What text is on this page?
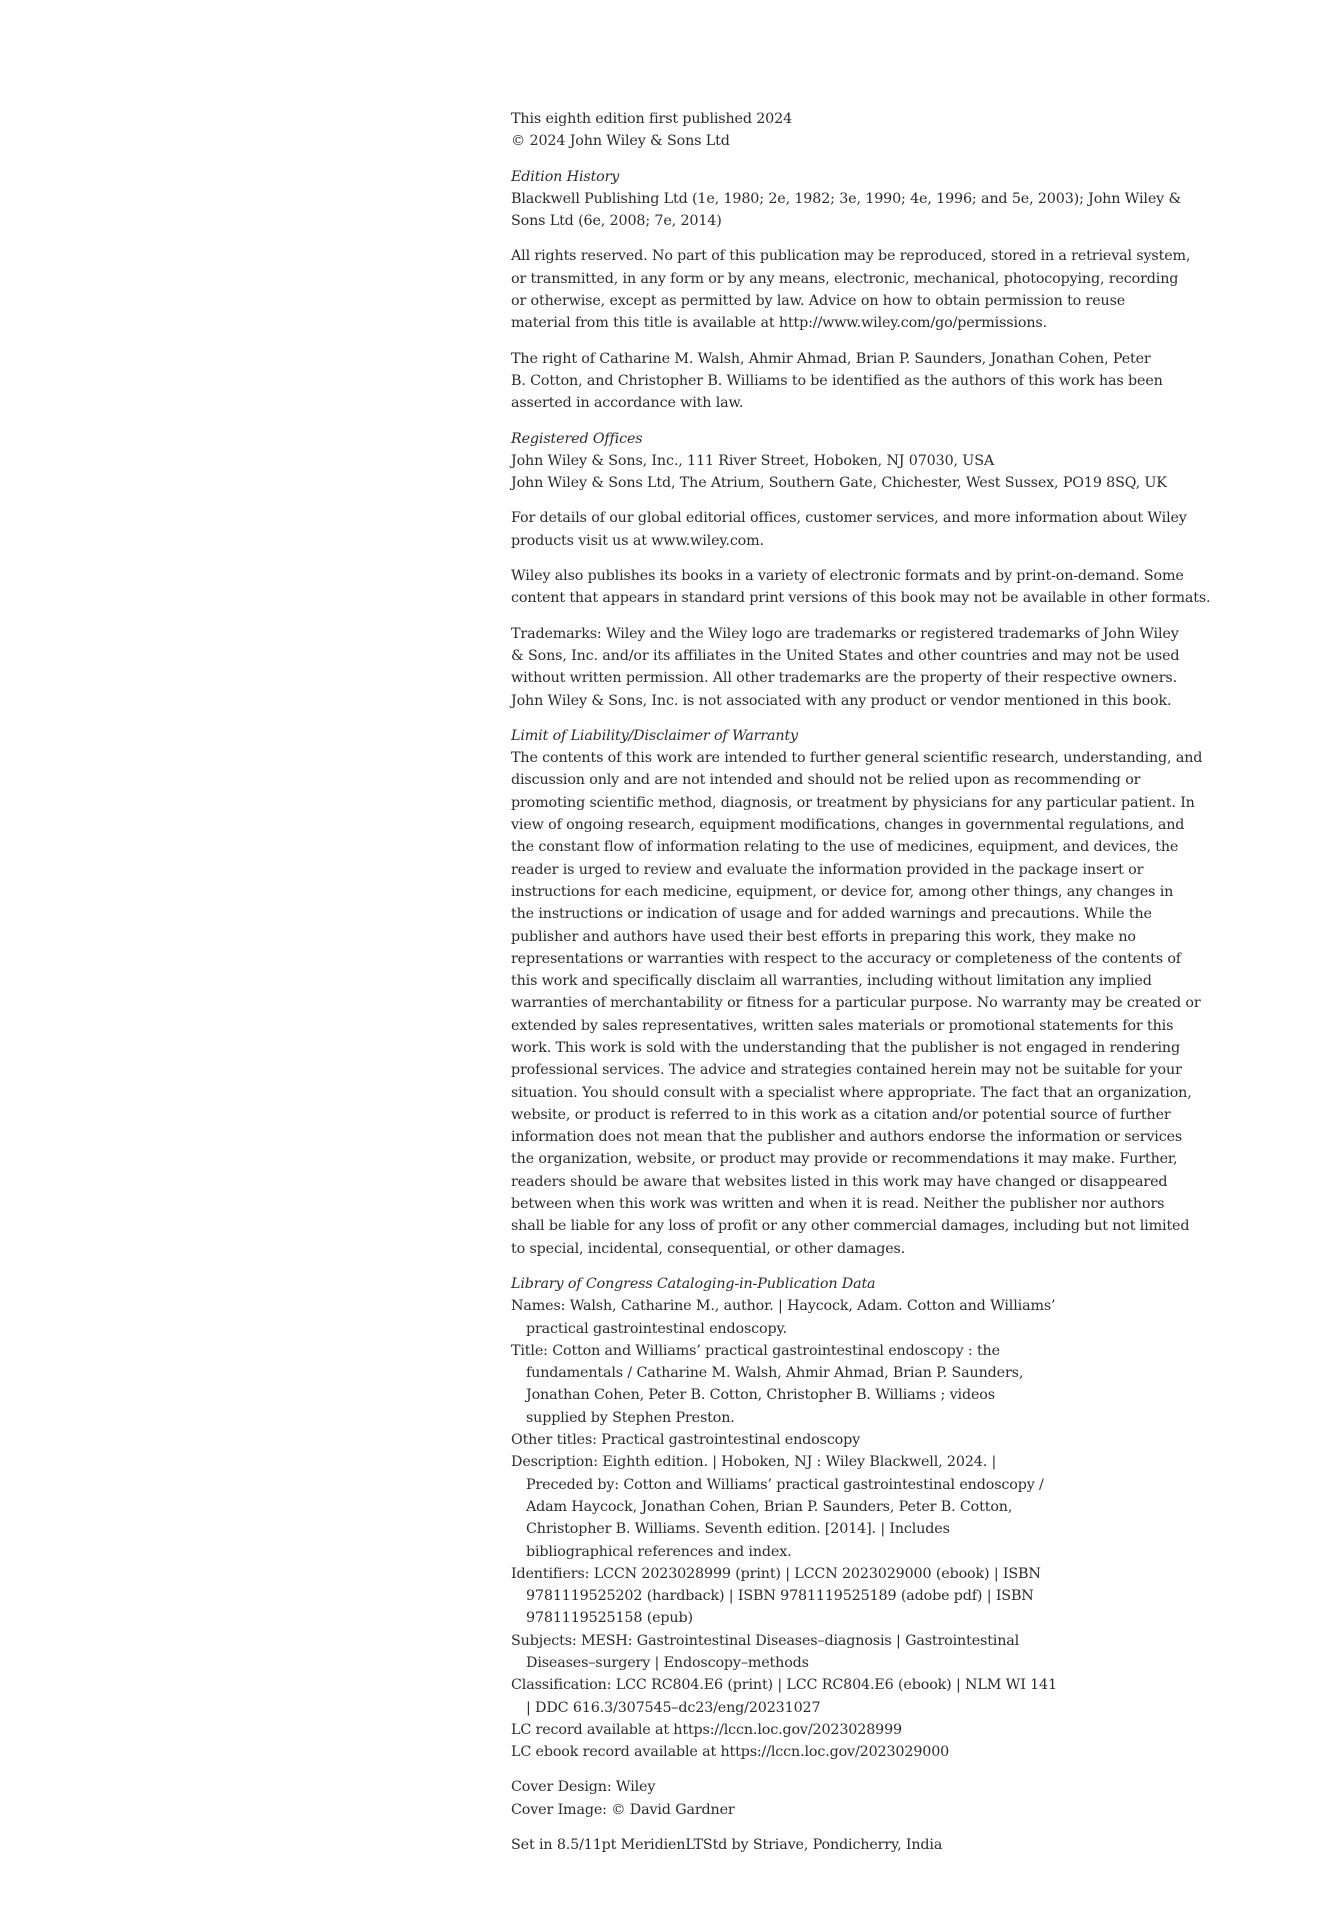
This eighth edition first published 2024
© 2024 John Wiley & Sons Ltd
Edition History
Blackwell Publishing Ltd (1e, 1980; 2e, 1982; 3e, 1990; 4e, 1996; and 5e, 2003); John Wiley &
Sons Ltd (6e, 2008; 7e, 2014)
All rights reserved. No part of this publication may be reproduced, stored in a retrieval system,
or transmitted, in any form or by any means, electronic, mechanical, photocopying, recording
or otherwise, except as permitted by law. Advice on how to obtain permission to reuse
material from this title is available at http://www.wiley.com/go/permissions.
The right of Catharine M. Walsh, Ahmir Ahmad, Brian P. Saunders, Jonathan Cohen, Peter
B. Cotton, and Christopher B. Williams to be identified as the authors of this work has been
asserted in accordance with law.
Registered Offices
John Wiley & Sons, Inc., 111 River Street, Hoboken, NJ 07030, USA
John Wiley & Sons Ltd, The Atrium, Southern Gate, Chichester, West Sussex, PO19 8SQ, UK
For details of our global editorial offices, customer services, and more information about Wiley
products visit us at www.wiley.com.
Wiley also publishes its books in a variety of electronic formats and by print-on-demand. Some
content that appears in standard print versions of this book may not be available in other formats.
Trademarks: Wiley and the Wiley logo are trademarks or registered trademarks of John Wiley
& Sons, Inc. and/or its affiliates in the United States and other countries and may not be used
without written permission. All other trademarks are the property of their respective owners.
John Wiley & Sons, Inc. is not associated with any product or vendor mentioned in this book.
Limit of Liability/Disclaimer of Warranty
The contents of this work are intended to further general scientific research, understanding, and
discussion only and are not intended and should not be relied upon as recommending or
promoting scientific method, diagnosis, or treatment by physicians for any particular patient. In
view of ongoing research, equipment modifications, changes in governmental regulations, and
the constant flow of information relating to the use of medicines, equipment, and devices, the
reader is urged to review and evaluate the information provided in the package insert or
instructions for each medicine, equipment, or device for, among other things, any changes in
the instructions or indication of usage and for added warnings and precautions. While the
publisher and authors have used their best efforts in preparing this work, they make no
representations or warranties with respect to the accuracy or completeness of the contents of
this work and specifically disclaim all warranties, including without limitation any implied
warranties of merchantability or fitness for a particular purpose. No warranty may be created or
extended by sales representatives, written sales materials or promotional statements for this
work. This work is sold with the understanding that the publisher is not engaged in rendering
professional services. The advice and strategies contained herein may not be suitable for your
situation. You should consult with a specialist where appropriate. The fact that an organization,
website, or product is referred to in this work as a citation and/or potential source of further
information does not mean that the publisher and authors endorse the information or services
the organization, website, or product may provide or recommendations it may make. Further,
readers should be aware that websites listed in this work may have changed or disappeared
between when this work was written and when it is read. Neither the publisher nor authors
shall be liable for any loss of profit or any other commercial damages, including but not limited
to special, incidental, consequential, or other damages.
Library of Congress Cataloging-in-Publication Data
Names: Walsh, Catharine M., author. | Haycock, Adam. Cotton and Williams’
practical gastrointestinal endoscopy.
Title: Cotton and Williams’ practical gastrointestinal endoscopy : the
fundamentals / Catharine M. Walsh, Ahmir Ahmad, Brian P. Saunders,
Jonathan Cohen, Peter B. Cotton, Christopher B. Williams ; videos
supplied by Stephen Preston.
Other titles: Practical gastrointestinal endoscopy
Description: Eighth edition. | Hoboken, NJ : Wiley Blackwell, 2024. |
Preceded by: Cotton and Williams’ practical gastrointestinal endoscopy /
Adam Haycock, Jonathan Cohen, Brian P. Saunders, Peter B. Cotton,
Christopher B. Williams. Seventh edition. [2014]. | Includes
bibliographical references and index.
Identifiers: LCCN 2023028999 (print) | LCCN 2023029000 (ebook) | ISBN
9781119525202 (hardback) | ISBN 9781119525189 (adobe pdf) | ISBN
9781119525158 (epub)
Subjects: MESH: Gastrointestinal Diseases–diagnosis | Gastrointestinal
Diseases–surgery | Endoscopy–methods
Classification: LCC RC804.E6 (print) | LCC RC804.E6 (ebook) | NLM WI 141
| DDC 616.3/307545–dc23/eng/20231027
LC record available at https://lccn.loc.gov/2023028999
LC ebook record available at https://lccn.loc.gov/2023029000
Cover Design: Wiley
Cover Image: © David Gardner
Set in 8.5/11pt MeridienLTStd by Striave, Pondicherry, India
